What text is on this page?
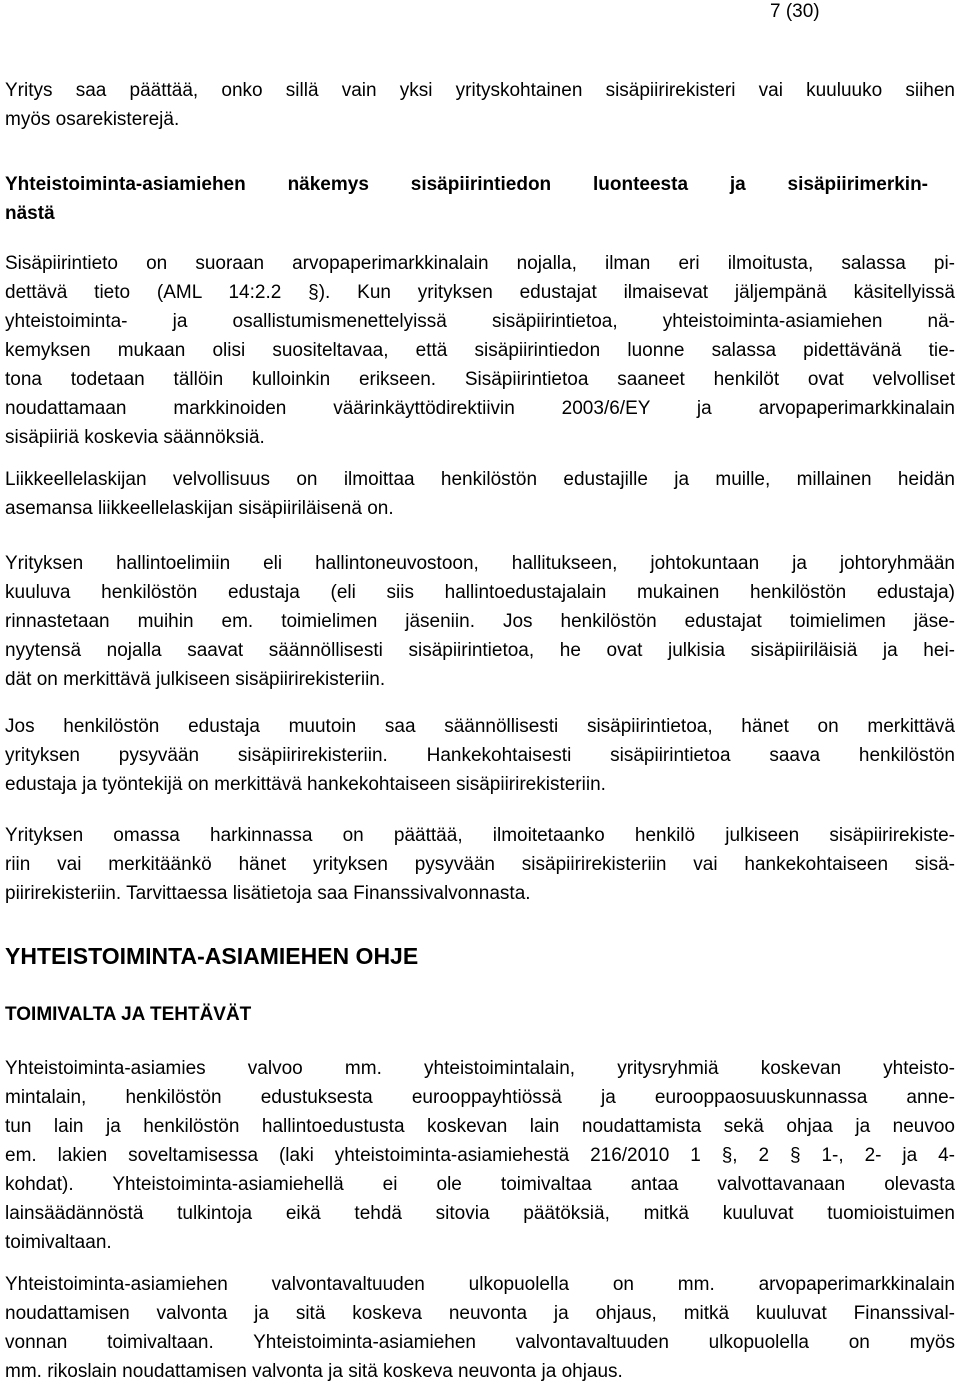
7 (30)

Yritys saa päättää, onko sillä vain yksi yrityskohtainen sisäpiirirekisteri vai kuuluuko siihen
myös osarekisterejä.

Yhteistoiminta-asiamiehen näkemys sisäpiirintiedon luonteesta ja sisäpiirimerkin-
nästä

Sisäpiirintieto on suoraan arvopaperimarkkinalain nojalla, ilman eri ilmoitusta, salassa pi-
dettävä tieto (AML 14:2.2 §). Kun yrityksen edustajat ilmaisevat jäljempänä käsitellyissä
yhteistoiminta- ja osallistumismenettelyissä sisäpiirintietoa, yhteistoiminta-asiamiehen nä-
kemyksen mukaan olisi suositeltavaa, että sisäpiirintiedon luonne salassa pidettävänä tie-
tona todetaan tällöin kulloinkin erikseen. Sisäpiirintietoa saaneet henkilöt ovat velvolliset
noudattamaan markkinoiden väärinkäyttödirektiivin 2003/6/EY ja arvopaperimarkkinalain
sisäpiiriä koskevia säännöksiä.

Liikkeellelaskijan velvollisuus on ilmoittaa henkilöstön edustajille ja muille, millainen heidän
asemansa liikkeellelaskijan sisäpiiriläisenä on.

Yrityksen hallintoelimiin eli hallintoneuvostoon, hallitukseen, johtokuntaan ja johtoryhmään
kuuluva henkilöstön edustaja (eli siis hallintoedustajalain mukainen henkilöstön edustaja)
rinnastetaan muihin em. toimielimen jäseniin. Jos henkilöstön edustajat toimielimen jäse-
nyytensä nojalla saavat säännöllisesti sisäpiirintietoa, he ovat julkisia sisäpiiriläisiä ja hei-
dät on merkittävä julkiseen sisäpiirirekisteriin.

Jos henkilöstön edustaja muutoin saa säännöllisesti sisäpiirintietoa, hänet on merkittävä
yrityksen pysyvään sisäpiirirekisteriin. Hankekohtaisesti sisäpiirintietoa saava henkilöstön
edustaja ja työntekijä on merkittävä hankekohtaiseen sisäpiirirekisteriin.

Yrityksen omassa harkinnassa on päättää, ilmoitetaanko henkilö julkiseen sisäpiirirekiste-
riin vai merkitäänkö hänet yrityksen pysyvään sisäpiirirekisteriin vai hankekohtaiseen sisä-
piirirekisteriin. Tarvittaessa lisätietoja saa Finanssivalvonnasta.

YHTEISTOIMINTA-ASIAMIEHEN OHJE
TOIMIVALTA JA TEHTÄVÄT

Yhteistoiminta-asiamies valvoo mm. yhteistoimintalain, yritysryhmiä koskevan yhteisto-
mintalain, henkilöstön edustuksesta eurooppayhtiössä ja eurooppaosuuskunnassa anne-
tun lain ja henkilöstön hallintoedustusta koskevan lain noudattamista sekä ohjaa ja neuvoo
em. lakien soveltamisessa (laki yhteistoiminta-asiamiehestä 216/2010 1 §, 2 § 1-, 2- ja 4-
kohdat). Yhteistoiminta-asiamiehellä ei ole toimivaltaa antaa valvottavanaan olevasta
lainsäädännöstä tulkintoja eikä tehdä sitovia päätöksiä, mitkä kuuluvat tuomioistuimen
toimivaltaan.

Yhteistoiminta-asiamiehen valvontavaltuuden ulkopuolella on mm. arvopaperimarkkinalain
noudattamisen valvonta ja sitä koskeva neuvonta ja ohjaus, mitkä kuuluvat Finanssival-
vonnan toimivaltaan. Yhteistoiminta-asiamiehen valvontavaltuuden ulkopuolella on myös
mm. rikoslain noudattamisen valvonta ja sitä koskeva neuvonta ja ohjaus.
